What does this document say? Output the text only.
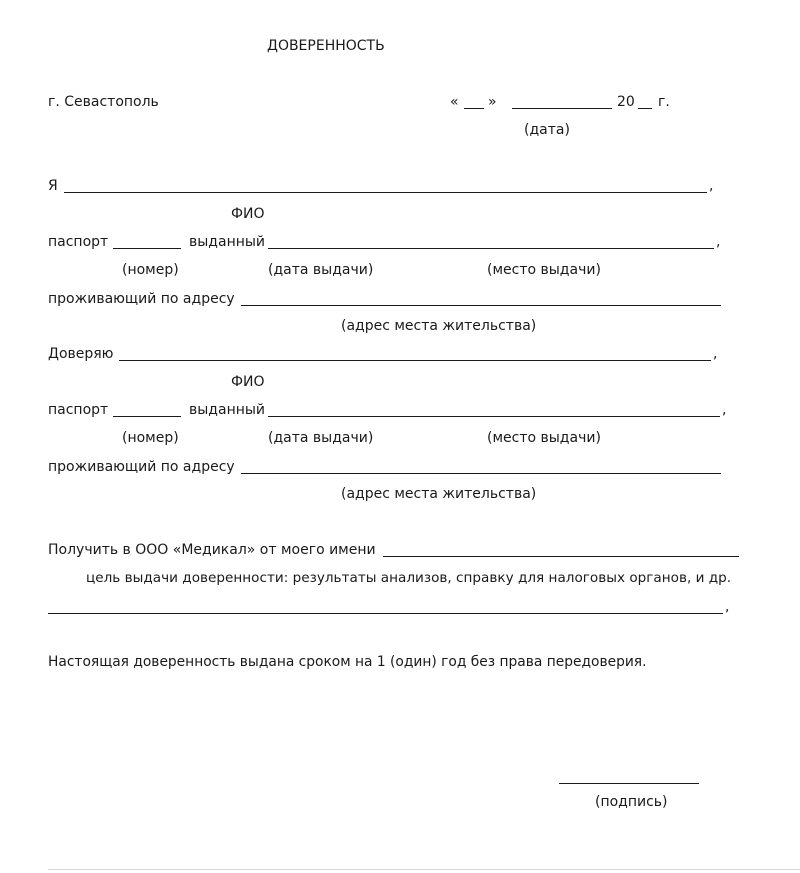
ДОВЕРЕННОСТЬ
г. Севастополь	« »	20 г.
(дата)
Я	,
ФИО
паспорт	выданный	,
(номер)	(дата выдачи)	(место выдачи)
проживающий по адресу
(адрес места жительства)
Доверяю	,
ФИО
паспорт	выданный	,
(номер)	(дата выдачи)	(место выдачи)
проживающий по адресу
(адрес места жительства)
Получить в ООО «Медикал» от моего имени
цель выдачи доверенности: результаты анализов, справку для налоговых органов, и др.
,
Настоящая доверенность выдана сроком на 1 (один) год без права передоверия.
(подпись)
